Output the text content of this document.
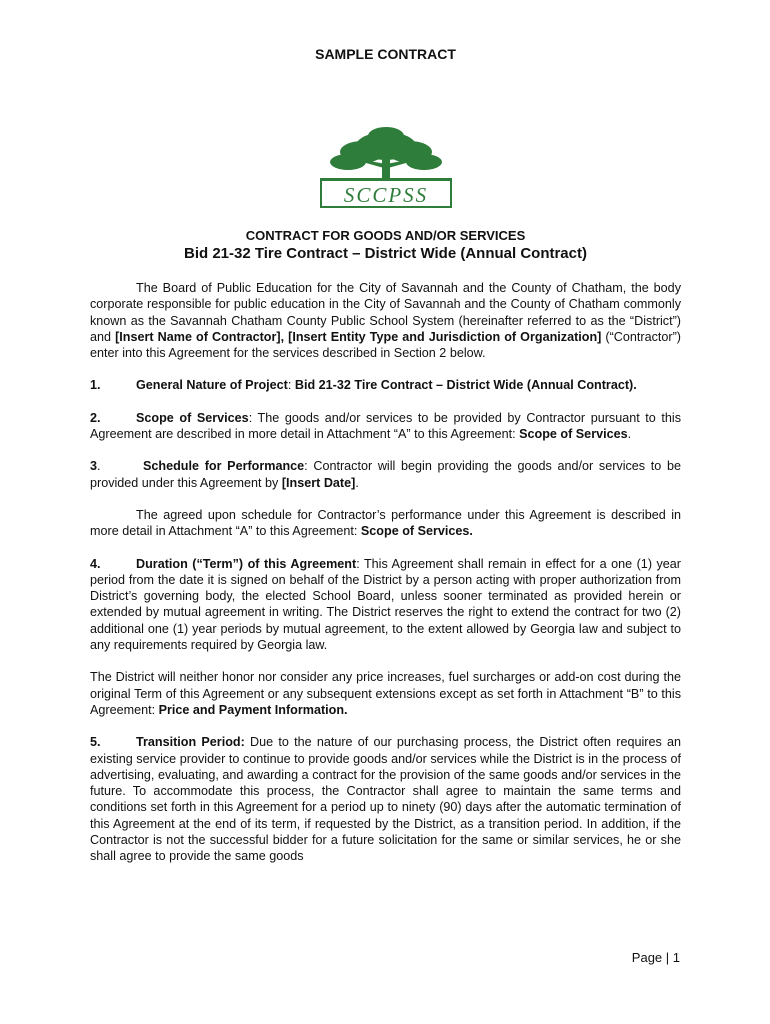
SAMPLE CONTRACT
SCCPSS
CONTRACT FOR GOODS AND/OR SERVICES
Bid 21-32 Tire Contract – District Wide (Annual Contract)

The Board of Public Education for the City of Savannah and the County of Chatham, the body corporate responsible for public education in the City of Savannah and the County of Chatham commonly known as the Savannah Chatham County Public School System (hereinafter referred to as the “District”) and [Insert Name of Contractor], [Insert Entity Type and Jurisdiction of Organization] (“Contractor”) enter into this Agreement for the services described in Section 2 below.

1.	General Nature of Project: Bid 21-32 Tire Contract – District Wide (Annual Contract).

2.	Scope of Services: The goods and/or services to be provided by Contractor pursuant to this Agreement are described in more detail in Attachment “A” to this Agreement: Scope of Services.

3.	Schedule for Performance: Contractor will begin providing the goods and/or services to be provided under this Agreement by [Insert Date].

The agreed upon schedule for Contractor’s performance under this Agreement is described in more detail in Attachment “A” to this Agreement: Scope of Services.

4.	Duration (“Term”) of this Agreement: This Agreement shall remain in effect for a one (1) year period from the date it is signed on behalf of the District by a person acting with proper authorization from District’s governing body, the elected School Board, unless sooner terminated as provided herein or extended by mutual agreement in writing. The District reserves the right to extend the contract for two (2) additional one (1) year periods by mutual agreement, to the extent allowed by Georgia law and subject to any requirements required by Georgia law.

The District will neither honor nor consider any price increases, fuel surcharges or add-on cost during the original Term of this Agreement or any subsequent extensions except as set forth in Attachment “B” to this Agreement: Price and Payment Information.

5.	Transition Period: Due to the nature of our purchasing process, the District often requires an existing service provider to continue to provide goods and/or services while the District is in the process of advertising, evaluating, and awarding a contract for the provision of the same goods and/or services in the future. To accommodate this process, the Contractor shall agree to maintain the same terms and conditions set forth in this Agreement for a period up to ninety (90) days after the automatic termination of this Agreement at the end of its term, if requested by the District, as a transition period. In addition, if the Contractor is not the successful bidder for a future solicitation for the same or similar services, he or she shall agree to provide the same goods

Page | 1
